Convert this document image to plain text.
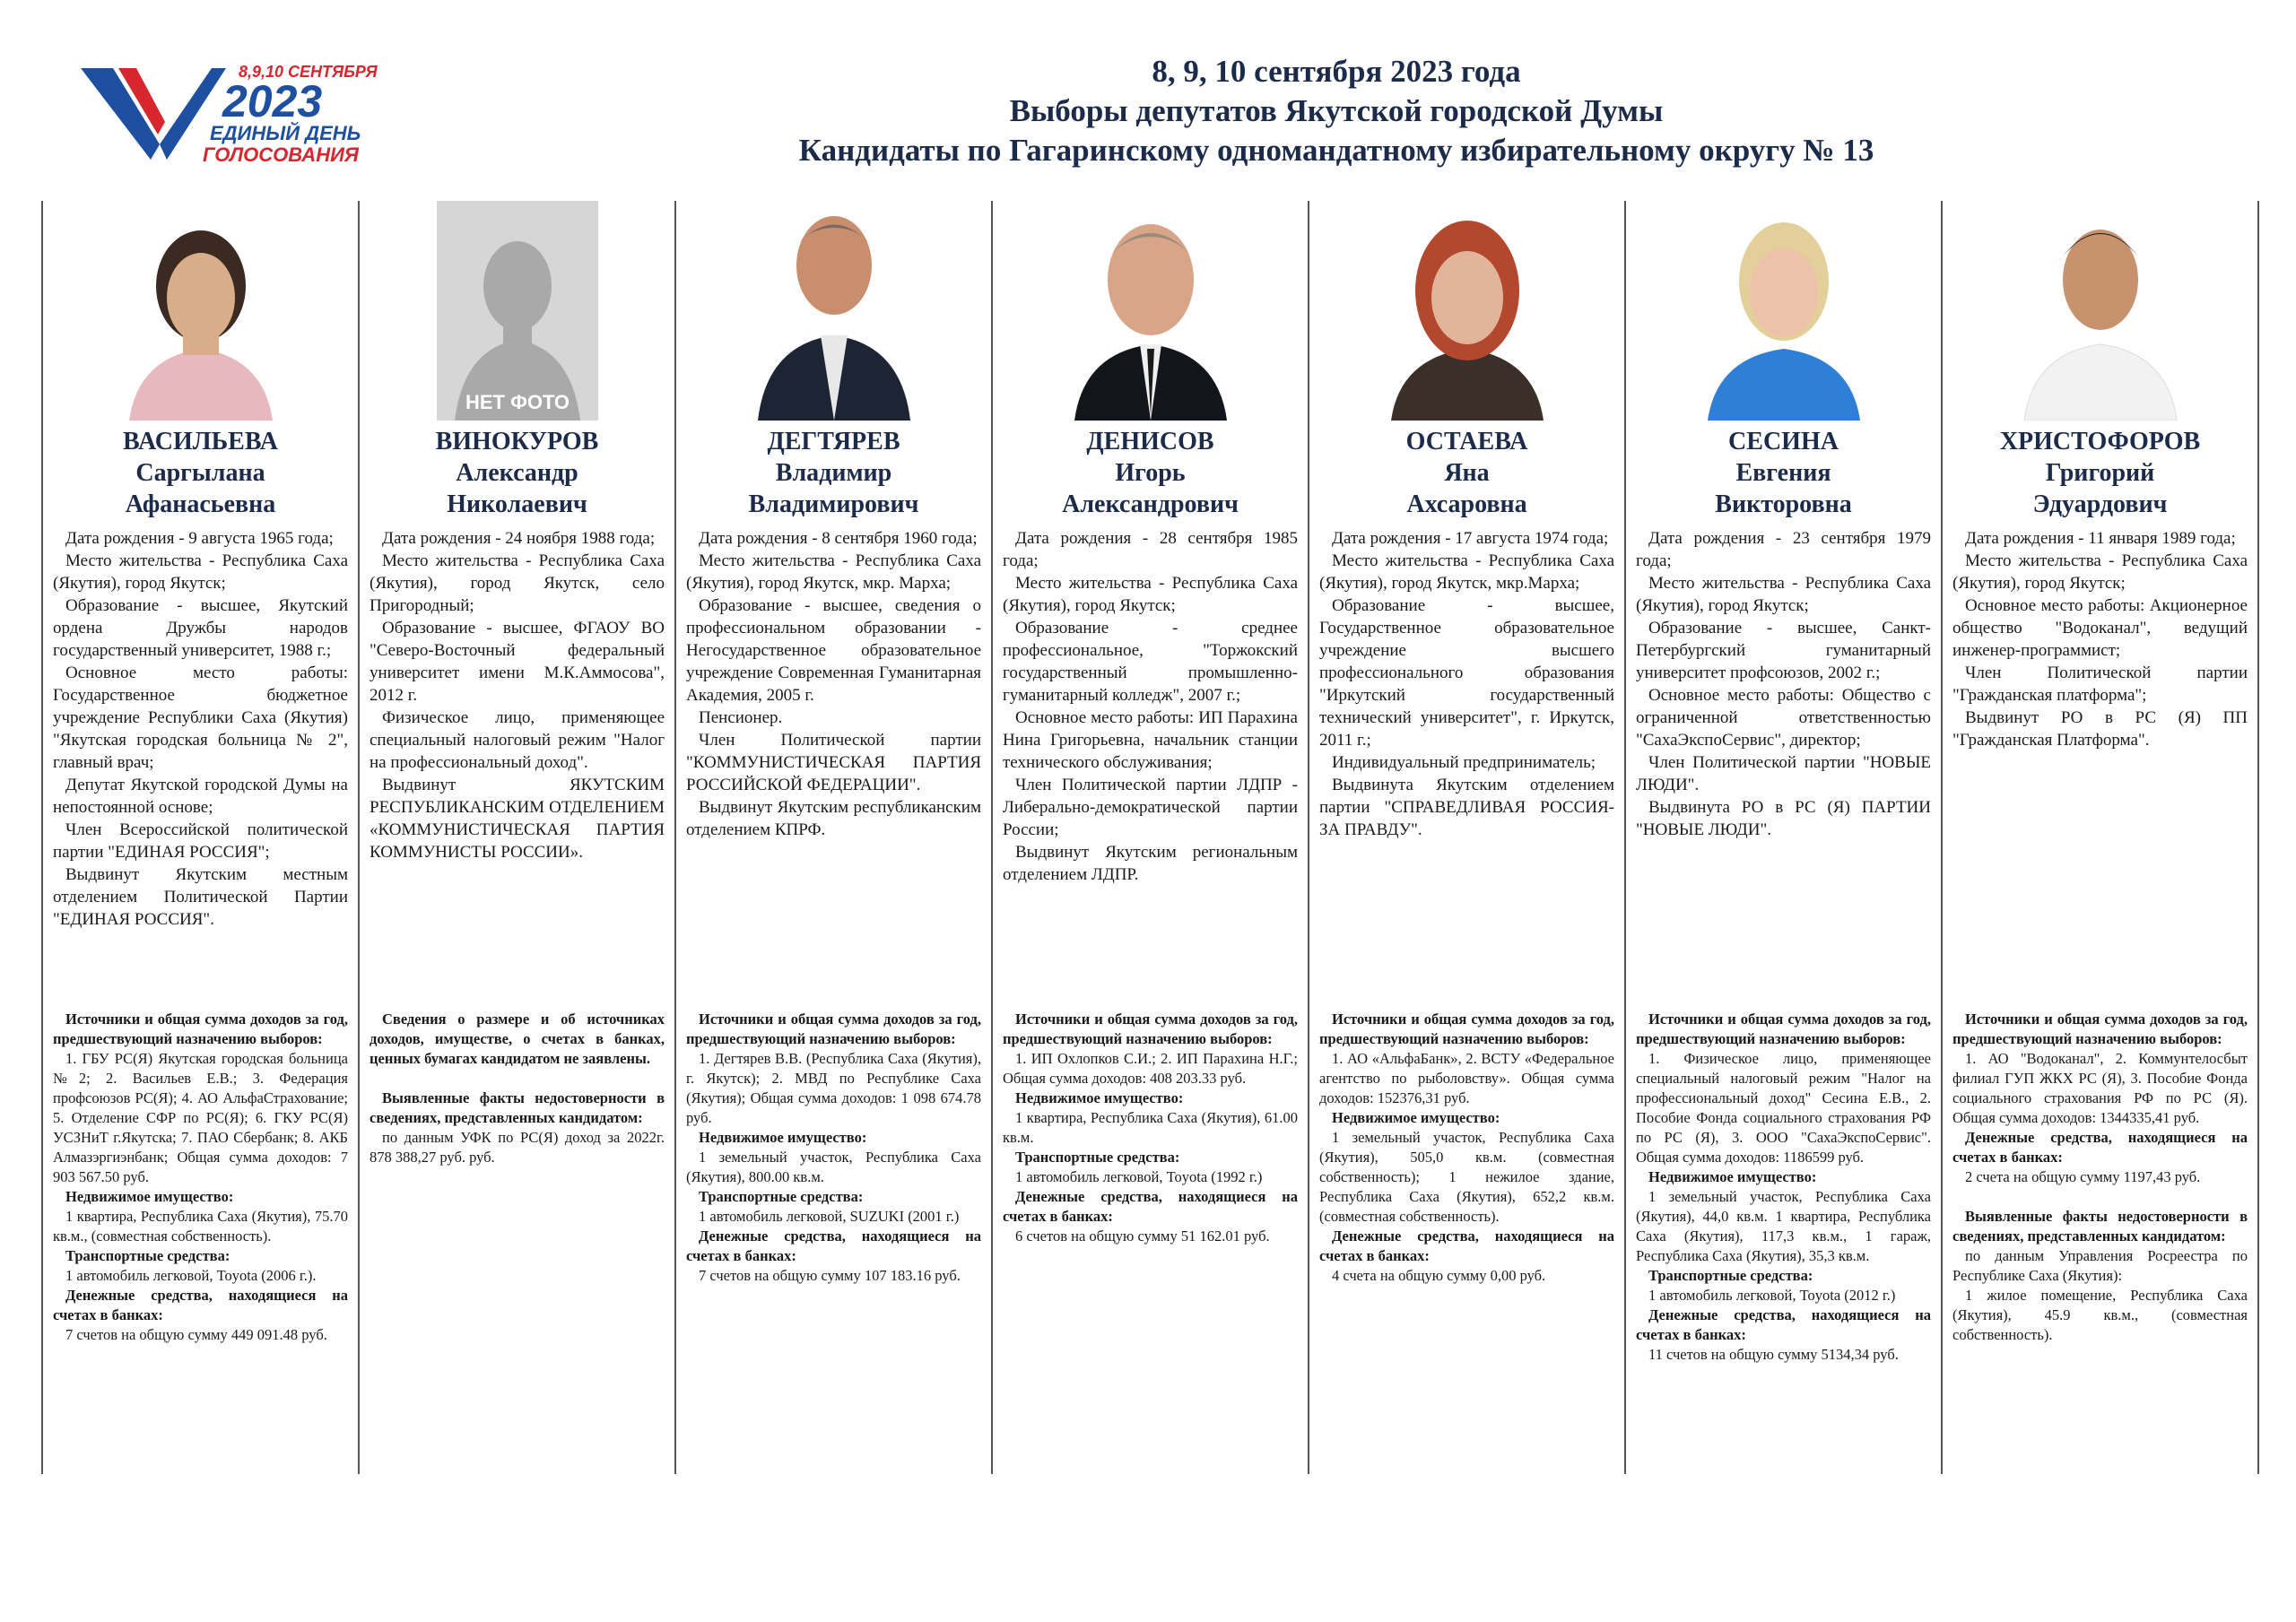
8,9,10 СЕНТЯБРЯ
2023
ЕДИНЫЙ ДЕНЬ
ГОЛОСОВАНИЯ
8, 9, 10 сентября 2023 года
Выборы депутатов Якутской городской Думы
Кандидаты по Гагаринскому одномандатному избирательному округу № 13
ВАСИЛЬЕВА
Саргылана
Афанасьевна

Дата рождения - 9 августа 1965 года;

Место жительства - Республика Саха (Якутия), город Якутск;

Образование - высшее, Якутский ордена Дружбы народов государственный университет, 1988 г.;

Основное место работы: Государственное бюджетное учреждение Республики Саха (Якутия) "Якутская городская больница № 2", главный врач;

Депутат Якутской городской Думы на непостоянной основе;

Член Всероссийской политической партии "ЕДИНАЯ РОССИЯ";

Выдвинут Якутским местным отделением Политической Партии "ЕДИНАЯ РОССИЯ".

Источники и общая сумма доходов за год, предшествующий назначению выборов:

1. ГБУ РС(Я) Якутская городская больница №2; 2. Васильев Е.В.; 3. Федерация профсоюзов РС(Я); 4. АО АльфаСтрахование; 5. Отделение СФР по РС(Я); 6. ГКУ РС(Я) УСЗНиТ г.Якутска; 7. ПАО Сбербанк; 8. АКБ Алмазэргиэнбанк; Общая сумма доходов: 7 903 567.50 руб.

Недвижимое имущество:

1 квартира, Республика Саха (Якутия), 75.70 кв.м., (совместная собственность).

Транспортные средства:

1 автомобиль легковой, Toyota (2006 г.).

Денежные средства, находящиеся на счетах в банках:

7 счетов на общую сумму 449 091.48 руб.

НЕТ ФОТО
ВИНОКУРОВ
Александр
Николаевич

Дата рождения - 24 ноября 1988 года;

Место жительства - Республика Саха (Якутия), город Якутск, село Пригородный;

Образование - высшее, ФГАОУ ВО "Северо-Восточный федеральный университет имени М.К.Аммосова", 2012 г.

Физическое лицо, применяющее специальный налоговый режим "Налог на профессиональный доход".

Выдвинут ЯКУТСКИМ РЕСПУБЛИКАНСКИМ ОТДЕЛЕНИЕМ «КОММУНИСТИЧЕСКАЯ ПАРТИЯ КОММУНИСТЫ РОССИИ».

Сведения о размере и об источниках доходов, имуществе, о счетах в банках, ценных бумагах кандидатом не заявлены.

Выявленные факты недостоверности в сведениях, представленных кандидатом:

по данным УФК по РС(Я) доход за 2022г. 878 388,27 руб. руб.

ДЕГТЯРЕВ
Владимир
Владимирович

Дата рождения - 8 сентября 1960 года;

Место жительства - Республика Саха (Якутия), город Якутск, мкр. Марха;

Образование - высшее, сведения о профессиональном образовании - Негосударственное образовательное учреждение Современная Гуманитарная Академия, 2005 г.

Пенсионер.

Член Политической партии "КОММУНИСТИЧЕСКАЯ ПАРТИЯ РОССИЙСКОЙ ФЕДЕРАЦИИ".

Выдвинут Якутским республиканским отделением КПРФ.

Источники и общая сумма доходов за год, предшествующий назначению выборов:

1. Дегтярев В.В. (Республика Саха (Якутия), г. Якутск); 2. МВД по Республике Саха (Якутия); Общая сумма доходов: 1 098 674.78 руб.

Недвижимое имущество:

1 земельный участок, Республика Саха (Якутия), 800.00 кв.м.

Транспортные средства:

1 автомобиль легковой, SUZUKI (2001 г.)

Денежные средства, находящиеся на счетах в банках:

7 счетов на общую сумму 107 183.16 руб.

ДЕНИСОВ
Игорь
Александрович

Дата рождения - 28 сентября 1985 года;

Место жительства - Республика Саха (Якутия), город Якутск;

Образование - среднее профессиональное, "Торжокский государственный промышленно-гуманитарный колледж", 2007 г.;

Основное место работы: ИП Парахина Нина Григорьевна, начальник станции технического обслуживания;

Член Политической партии ЛДПР - Либерально-демократической партии России;

Выдвинут Якутским региональным отделением ЛДПР.

Источники и общая сумма доходов за год, предшествующий назначению выборов:

1. ИП Охлопков С.И.; 2. ИП Парахина Н.Г.; Общая сумма доходов: 408 203.33 руб.

Недвижимое имущество:

1 квартира, Республика Саха (Якутия), 61.00 кв.м.

Транспортные средства:

1 автомобиль легковой, Toyota (1992 г.)

Денежные средства, находящиеся на счетах в банках:

6 счетов на общую сумму 51 162.01 руб.

ОСТАЕВА
Яна
Ахсаровна

Дата рождения - 17 августа 1974 года;

Место жительства - Республика Саха (Якутия), город Якутск, мкр.Марха;

Образование - высшее, Государственное образовательное учреждение высшего профессионального образования "Иркутский государственный технический университет", г. Иркутск, 2011 г.;

Индивидуальный предприниматель;

Выдвинута Якутским отделением партии "СПРАВЕДЛИВАЯ РОССИЯ-ЗА ПРАВДУ".

Источники и общая сумма доходов за год, предшествующий назначению выборов:

1. АО «АльфаБанк», 2. ВСТУ «Федеральное агентство по рыболовству». Общая сумма доходов: 152376,31 руб.

Недвижимое имущество:

1 земельный участок, Республика Саха (Якутия), 505,0 кв.м. (совместная собственность); 1 нежилое здание, Республика Саха (Якутия), 652,2 кв.м. (совместная собственность).

Денежные средства, находящиеся на счетах в банках:

4 счета на общую сумму 0,00 руб.

СЕСИНА
Евгения
Викторовна

Дата рождения - 23 сентября 1979 года;

Место жительства - Республика Саха (Якутия), город Якутск;

Образование - высшее, Санкт-Петербургский гуманитарный университет профсоюзов, 2002 г.;

Основное место работы: Общество с ограниченной ответственностью "СахаЭкспоСервис", директор;

Член Политической партии "НОВЫЕ ЛЮДИ".

Выдвинута РО в РС (Я) ПАРТИИ "НОВЫЕ ЛЮДИ".

Источники и общая сумма доходов за год, предшествующий назначению выборов:

1. Физическое лицо, применяющее специальный налоговый режим "Налог на профессиональный доход" Сесина Е.В., 2. Пособие Фонда социального страхования РФ по РС (Я), 3. ООО "СахаЭкспоСервис". Общая сумма доходов: 1186599 руб.

Недвижимое имущество:

1 земельный участок, Республика Саха (Якутия), 44,0 кв.м. 1 квартира, Республика Саха (Якутия), 117,3 кв.м., 1 гараж, Республика Саха (Якутия), 35,3 кв.м.

Транспортные средства:

1 автомобиль легковой, Toyota (2012 г.)

Денежные средства, находящиеся на счетах в банках:

11 счетов на общую сумму 5134,34 руб.

ХРИСТОФОРОВ
Григорий
Эдуардович

Дата рождения - 11 января 1989 года;

Место жительства - Республика Саха (Якутия), город Якутск;

Основное место работы: Акционерное общество "Водоканал", ведущий инженер-программист;

Член Политической партии "Гражданская платформа";

Выдвинут РО в РС (Я) ПП "Гражданская Платформа".

Источники и общая сумма доходов за год, предшествующий назначению выборов:

1. АО "Водоканал", 2. Коммунтелосбыт филиал ГУП ЖКХ РС (Я), 3. Пособие Фонда социального страхования РФ по РС (Я). Общая сумма доходов: 1344335,41 руб.

Денежные средства, находящиеся на счетах в банках:

2 счета на общую сумму 1197,43 руб.

Выявленные факты недостоверности в сведениях, представленных кандидатом:

по данным Управления Росреестра по Республике Саха (Якутия):

1 жилое помещение, Республика Саха (Якутия), 45.9 кв.м., (совместная собственность).
